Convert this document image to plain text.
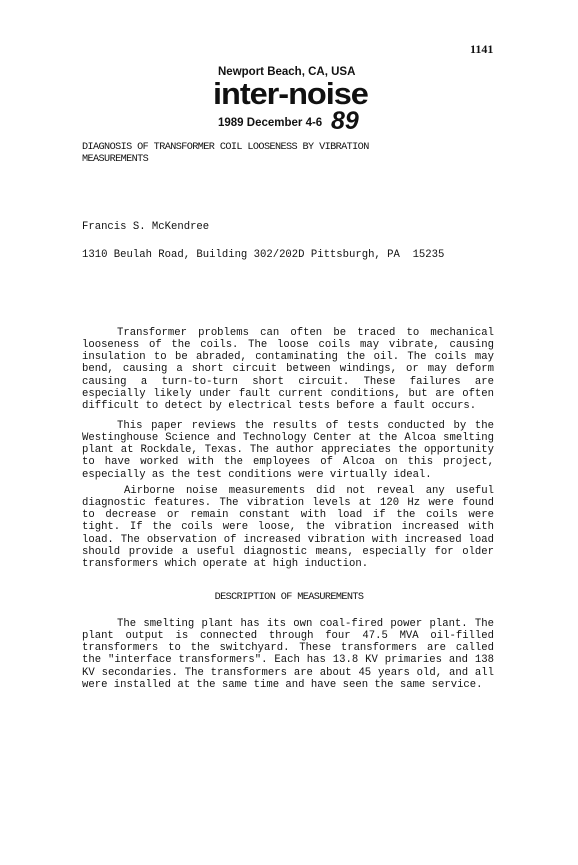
1141
Newport Beach, CA, USA
inter-noise
1989 December 4-6 89
DIAGNOSIS OF TRANSFORMER COIL LOOSENESS BY VIBRATION
MEASUREMENTS
Francis S. McKendree
1310 Beulah Road, Building 302/202D Pittsburgh, PA  15235

Transformer problems can often be traced to mechanical looseness of the coils. The loose coils may vibrate, causing insulation to be abraded, contaminating the oil. The coils may bend, causing a short circuit between windings, or may deform causing a turn-to-turn short circuit. These failures are especially likely under fault current conditions, but are often difficult to detect by electrical tests before a fault occurs.

This paper reviews the results of tests conducted by the Westinghouse Science and Technology Center at the Alcoa smelting plant at Rockdale, Texas. The author appreciates the opportunity to have worked with the employees of Alcoa on this project, especially as the test conditions were virtually ideal.

Airborne noise measurements did not reveal any useful diagnostic features. The vibration levels at 120 Hz were found to decrease or remain constant with load if the coils were tight. If the coils were loose, the vibration increased with load. The observation of increased vibration with increased load should provide a useful diagnostic means, especially for older transformers which operate at high induction.

DESCRIPTION OF MEASUREMENTS

The smelting plant has its own coal-fired power plant. The plant output is connected through four 47.5 MVA oil-filled transformers to the switchyard. These transformers are called the "interface transformers". Each has 13.8 KV primaries and 138 KV secondaries. The transformers are about 45 years old, and all were installed at the same time and have seen the same service.
